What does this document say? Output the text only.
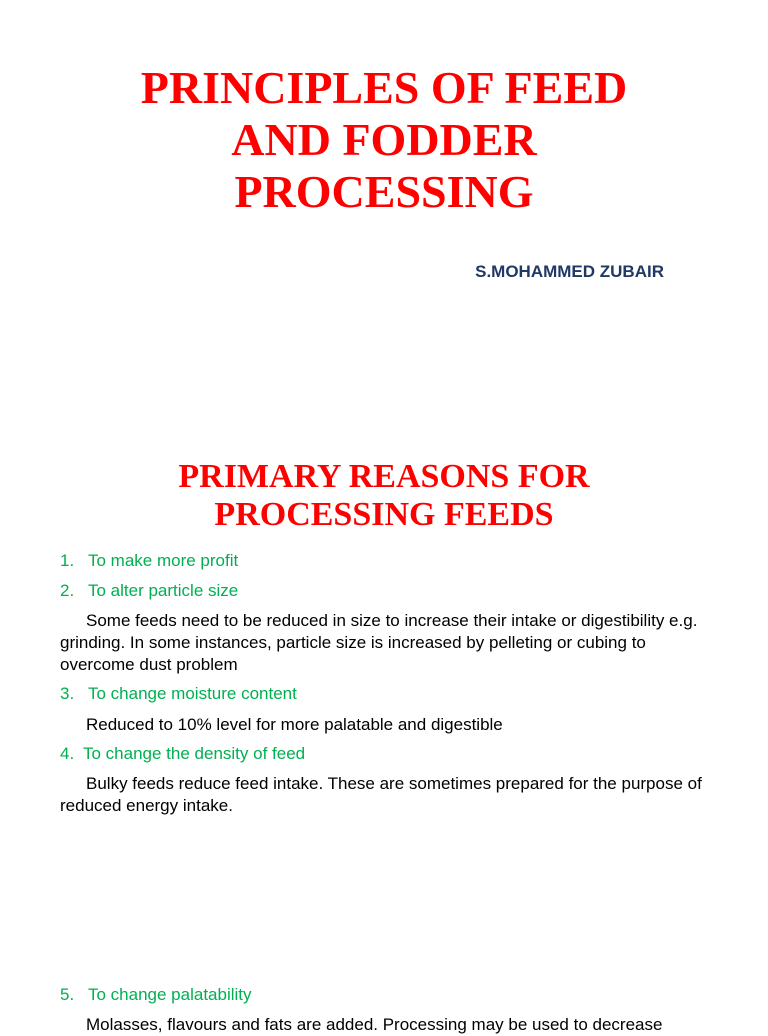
PRINCIPLES OF FEED
AND FODDER
PROCESSING

S.MOHAMMED ZUBAIR

PRIMARY REASONS FOR
PROCESSING FEEDS

1. To make more profit

2. To alter particle size

Some feeds need to be reduced in size to increase their intake or digestibility e.g. grinding. In some instances, particle size is increased by pelleting or cubing to overcome dust problem

3. To change moisture content

Reduced to 10% level for more palatable and digestible

4. To change the density of feed

Bulky feeds reduce feed intake. These are sometimes prepared for the purpose of reduced energy intake.

5. To change palatability

Molasses, flavours and fats are added. Processing may be used to decrease
